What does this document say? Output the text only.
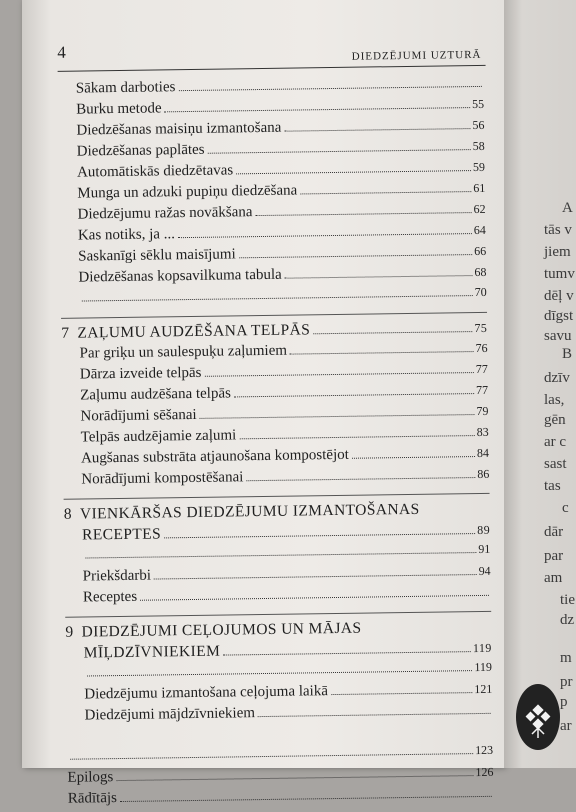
4	DIEDZĒJUMI UZTURĀ
Sākam darboties
Burku metode	55
Diedzēšanas maisiņu izmantošana	56
Diedzēšanas paplātes	58
Automātiskās diedzētavas	59
Munga un adzuki pupiņu diedzēšana	61
Diedzējumu ražas novākšana	62
Kas notiks, ja ...	64
Saskanīgi sēklu maisījumi	66
Diedzēšanas kopsavilkuma tabula	68
70
7 ZAĻUMU AUDZĒŠANA TELPĀS	75
Par griķu un saulespuķu zaļumiem	76
Dārza izveide telpās	77
Zaļumu audzēšana telpās	77
Norādījumi sēšanai	79
Telpās audzējamie zaļumi	83
Augšanas substrāta atjaunošana kompostējot	84
Norādījumi kompostēšanai	86
8 VIENKĀRŠAS DIEDZĒJUMU IZMANTOŠANAS
RECEPTES	89
91
Priekšdarbi	94
Receptes
9 DIEDZĒJUMI CEĻOJUMOS UN MĀJAS
MĪĻDZĪVNIEKIEM	119
119
Diedzējumu izmantošana ceļojuma laikā	121
Diedzējumi mājdzīvniekiem
123
Epilogs	126
Rādītājs
A
tās v
jiem
tumv
dēļ v
dīgst
savu
B
dzīv
las,
gēn
ar c
sast
tas
c
dār
par
am
tie
dz
m
pr
p
ar
